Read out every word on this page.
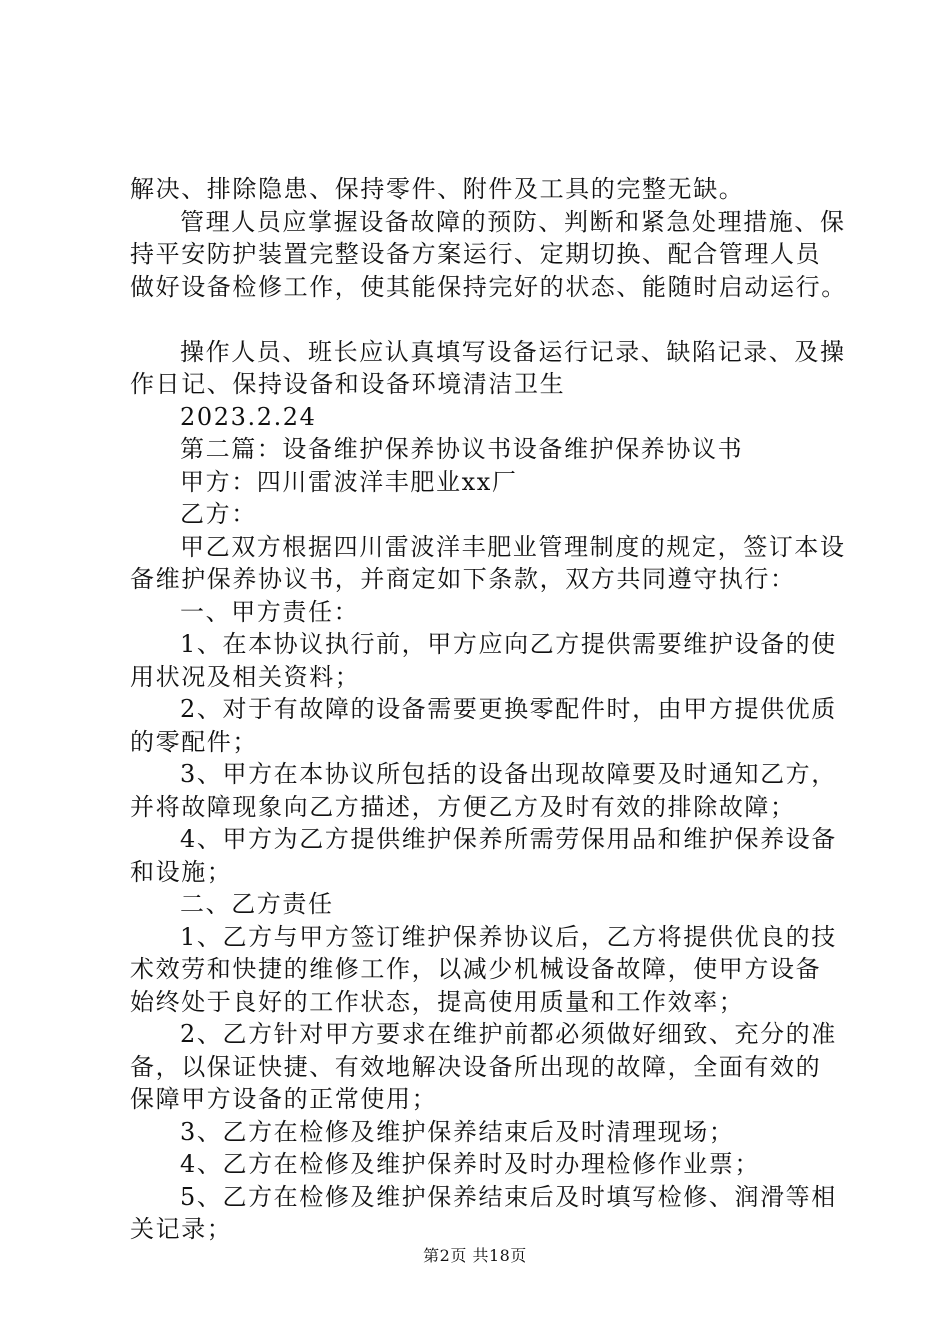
解决、排除隐患、保持零件、附件及工具的完整无缺。
管理人员应掌握设备故障的预防、判断和紧急处理措施、保
持平安防护装置完整设备方案运行、定期切换、配合管理人员
做好设备检修工作，使其能保持完好的状态、能随时启动运行。
操作人员、班长应认真填写设备运行记录、缺陷记录、及操
作日记、保持设备和设备环境清洁卫生
2023.2.24
第二篇：设备维护保养协议书设备维护保养协议书
甲方：四川雷波洋丰肥业xx厂
乙方：
甲乙双方根据四川雷波洋丰肥业管理制度的规定，签订本设
备维护保养协议书，并商定如下条款，双方共同遵守执行：
一、甲方责任：
1、在本协议执行前，甲方应向乙方提供需要维护设备的使
用状况及相关资料；
2、对于有故障的设备需要更换零配件时，由甲方提供优质
的零配件；
3、甲方在本协议所包括的设备出现故障要及时通知乙方，
并将故障现象向乙方描述，方便乙方及时有效的排除故障；
4、甲方为乙方提供维护保养所需劳保用品和维护保养设备
和设施；
二、乙方责任
1、乙方与甲方签订维护保养协议后，乙方将提供优良的技
术效劳和快捷的维修工作，以减少机械设备故障，使甲方设备
始终处于良好的工作状态，提高使用质量和工作效率；
2、乙方针对甲方要求在维护前都必须做好细致、充分的准
备，以保证快捷、有效地解决设备所出现的故障，全面有效的
保障甲方设备的正常使用；
3、乙方在检修及维护保养结束后及时清理现场；
4、乙方在检修及维护保养时及时办理检修作业票；
5、乙方在检修及维护保养结束后及时填写检修、润滑等相
关记录；
第2页 共18页
